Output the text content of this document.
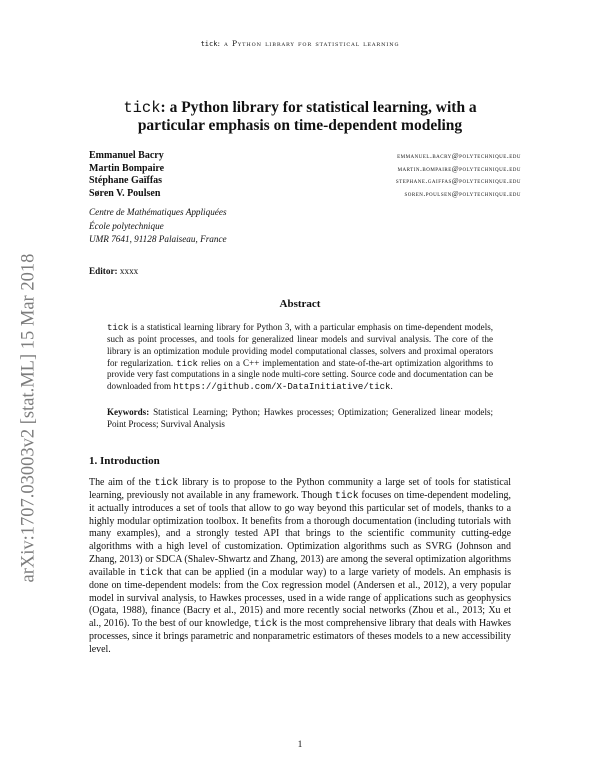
tick: a Python library for statistical learning
arXiv:1707.03003v2 [stat.ML] 15 Mar 2018
tick: a Python library for statistical learning, with a
particular emphasis on time-dependent modeling
Emmanuel Bacry	emmanuel.bacry@polytechnique.edu
Martin Bompaire	martin.bompaire@polytechnique.edu
Stéphane Gaïffas	stephane.gaiffas@polytechnique.edu
Søren V. Poulsen	soren.poulsen@polytechnique.edu
Centre de Mathématiques Appliquées
École polytechnique
UMR 7641, 91128 Palaiseau, France
Editor: xxxx
Abstract
tick is a statistical learning library for Python 3, with a particular emphasis on time-dependent models, such as point processes, and tools for generalized linear models and survival analysis. The core of the library is an optimization module providing model computational classes, solvers and proximal operators for regularization. tick relies on a C++ implementation and state-of-the-art optimization algorithms to provide very fast computations in a single node multi-core setting. Source code and documentation can be downloaded from https://github.com/X-DataInitiative/tick.
Keywords: Statistical Learning; Python; Hawkes processes; Optimization; Generalized linear models; Point Process; Survival Analysis
1. Introduction
The aim of the tick library is to propose to the Python community a large set of tools for statistical learning, previously not available in any framework. Though tick focuses on time-dependent modeling, it actually introduces a set of tools that allow to go way beyond this particular set of models, thanks to a highly modular optimization toolbox. It benefits from a thorough documentation (including tutorials with many examples), and a strongly tested API that brings to the scientific community cutting-edge algorithms with a high level of customization. Optimization algorithms such as SVRG (Johnson and Zhang, 2013) or SDCA (Shalev-Shwartz and Zhang, 2013) are among the several optimization algorithms available in tick that can be applied (in a modular way) to a large variety of models. An emphasis is done on time-dependent models: from the Cox regression model (Andersen et al., 2012), a very popular model in survival analysis, to Hawkes processes, used in a wide range of applications such as geophysics (Ogata, 1988), finance (Bacry et al., 2015) and more recently social networks (Zhou et al., 2013; Xu et al., 2016). To the best of our knowledge, tick is the most comprehensive library that deals with Hawkes processes, since it brings parametric and nonparametric estimators of theses models to a new accessibility level.
1
